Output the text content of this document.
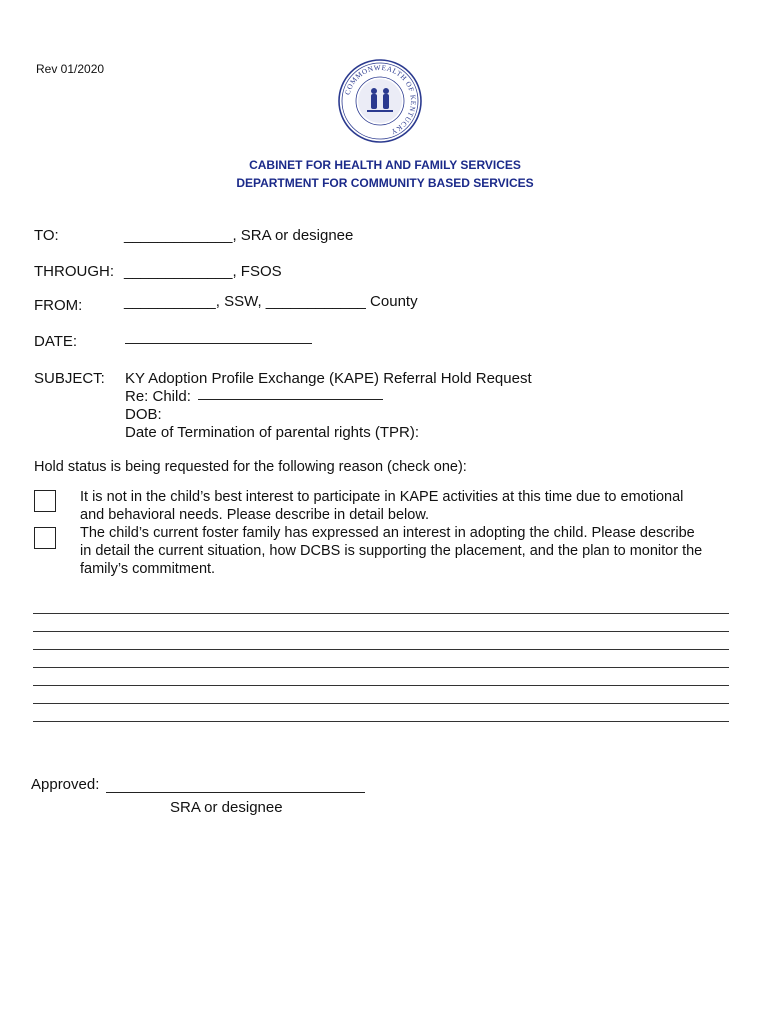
Rev 01/2020
COMMONWEALTH OF KENTUCKY
CABINET FOR HEALTH AND FAMILY SERVICES
DEPARTMENT FOR COMMUNITY BASED SERVICES
TO:	_____________, SRA or designee
THROUGH: _____________, FSOS
FROM:	___________, SSW, ____________ County
DATE:
SUBJECT: KY Adoption Profile Exchange (KAPE) Referral Hold Request
Re: Child:
DOB:
Date of Termination of parental rights (TPR):
Hold status is being requested for the following reason (check one):
It is not in the child’s best interest to participate in KAPE activities at this time due to emotional
and behavioral needs. Please describe in detail below.
The child’s current foster family has expressed an interest in adopting the child. Please describe
in detail the current situation, how DCBS is supporting the placement, and the plan to monitor the
family’s commitment.
Approved:
SRA or designee
